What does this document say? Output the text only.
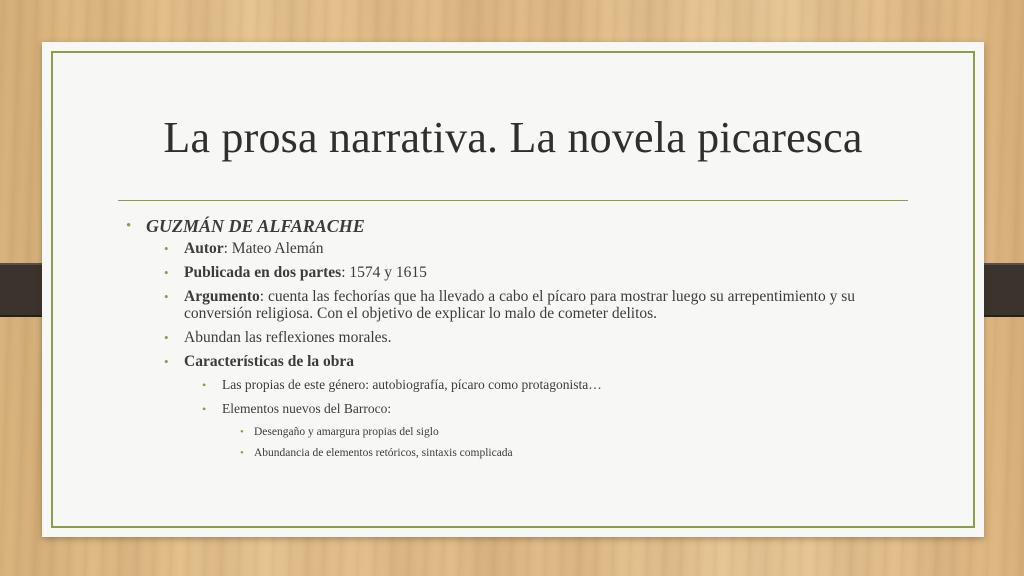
La prosa narrativa. La novela picaresca
• GUZMÁN DE ALFARACHE
• Autor: Mateo Alemán
• Publicada en dos partes: 1574 y 1615
• Argumento: cuenta las fechorías que ha llevado a cabo el pícaro para mostrar luego su arrepentimiento y su conversión religiosa. Con el objetivo de explicar lo malo de cometer delitos.
• Abundan las reflexiones morales.
• Características de la obra
• Las propias de este género: autobiografía, pícaro como protagonista…
• Elementos nuevos del Barroco:
• Desengaño y amargura propias del siglo
• Abundancia de elementos retóricos, sintaxis complicada
